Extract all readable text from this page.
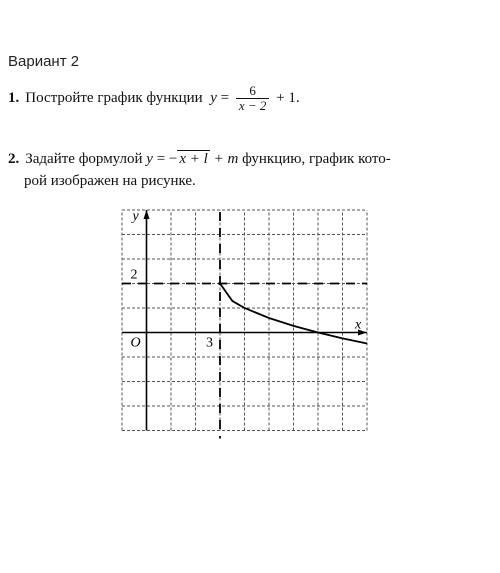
Вариант 2
1. Постройте график функции $y = \frac{6}{x - 2} + 1$.
2. Задайте формулой y = − x + l + m функцию, график кото-
рой изображен на рисунке.
y
x
O	3
2
